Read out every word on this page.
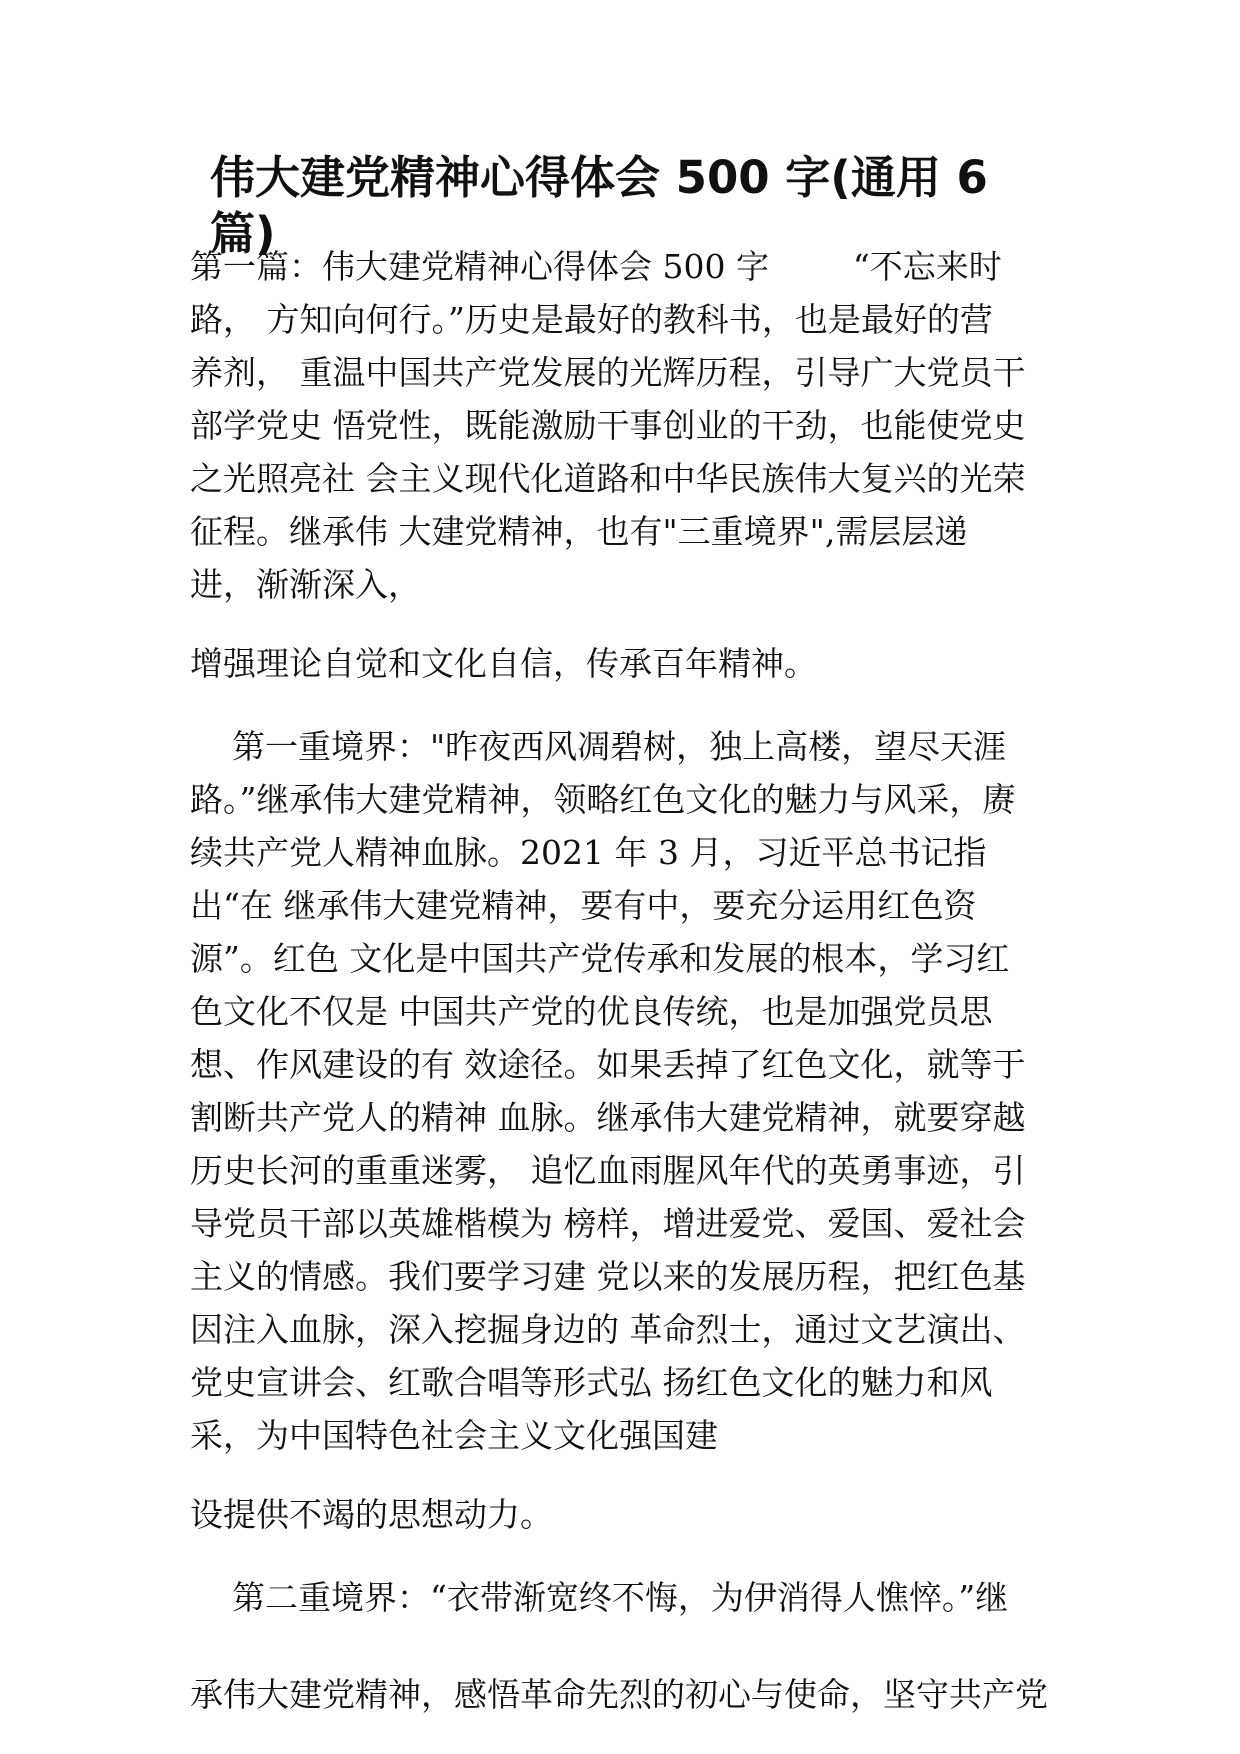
伟大建党精神心得体会 500 字(通用 6
篇)
第一篇：伟大建党精神心得体会 500 字        “不忘来时
路， 方知向何行。”历史是最好的教科书，也是最好的营
养剂， 重温中国共产党发展的光辉历程，引导广大党员干
部学党史 悟党性，既能激励干事创业的干劲，也能使党史
之光照亮社 会主义现代化道路和中华民族伟大复兴的光荣
征程。继承伟 大建党精神，也有"三重境界",需层层递
进，渐渐深入，
增强理论自觉和文化自信，传承百年精神。
第一重境界："昨夜西风凋碧树，独上高楼，望尽天涯
路。”继承伟大建党精神，领略红色文化的魅力与风采，赓
续共产党人精神血脉。2021 年 3 月，习近平总书记指
出“在 继承伟大建党精神，要有中，要充分运用红色资
源”。红色 文化是中国共产党传承和发展的根本，学习红
色文化不仅是 中国共产党的优良传统，也是加强党员思
想、作风建设的有 效途径。如果丢掉了红色文化，就等于
割断共产党人的精神 血脉。继承伟大建党精神，就要穿越
历史长河的重重迷雾， 追忆血雨腥风年代的英勇事迹，引
导党员干部以英雄楷模为 榜样，增进爱党、爱国、爱社会
主义的情感。我们要学习建 党以来的发展历程，把红色基
因注入血脉，深入挖掘身边的 革命烈士，通过文艺演出、
党史宣讲会、红歌合唱等形式弘 扬红色文化的魅力和风
采，为中国特色社会主义文化强国建
设提供不竭的思想动力。
第二重境界：“衣带渐宽终不悔，为伊消得人憔悴。”继
承伟大建党精神，感悟革命先烈的初心与使命，坚守共产党
